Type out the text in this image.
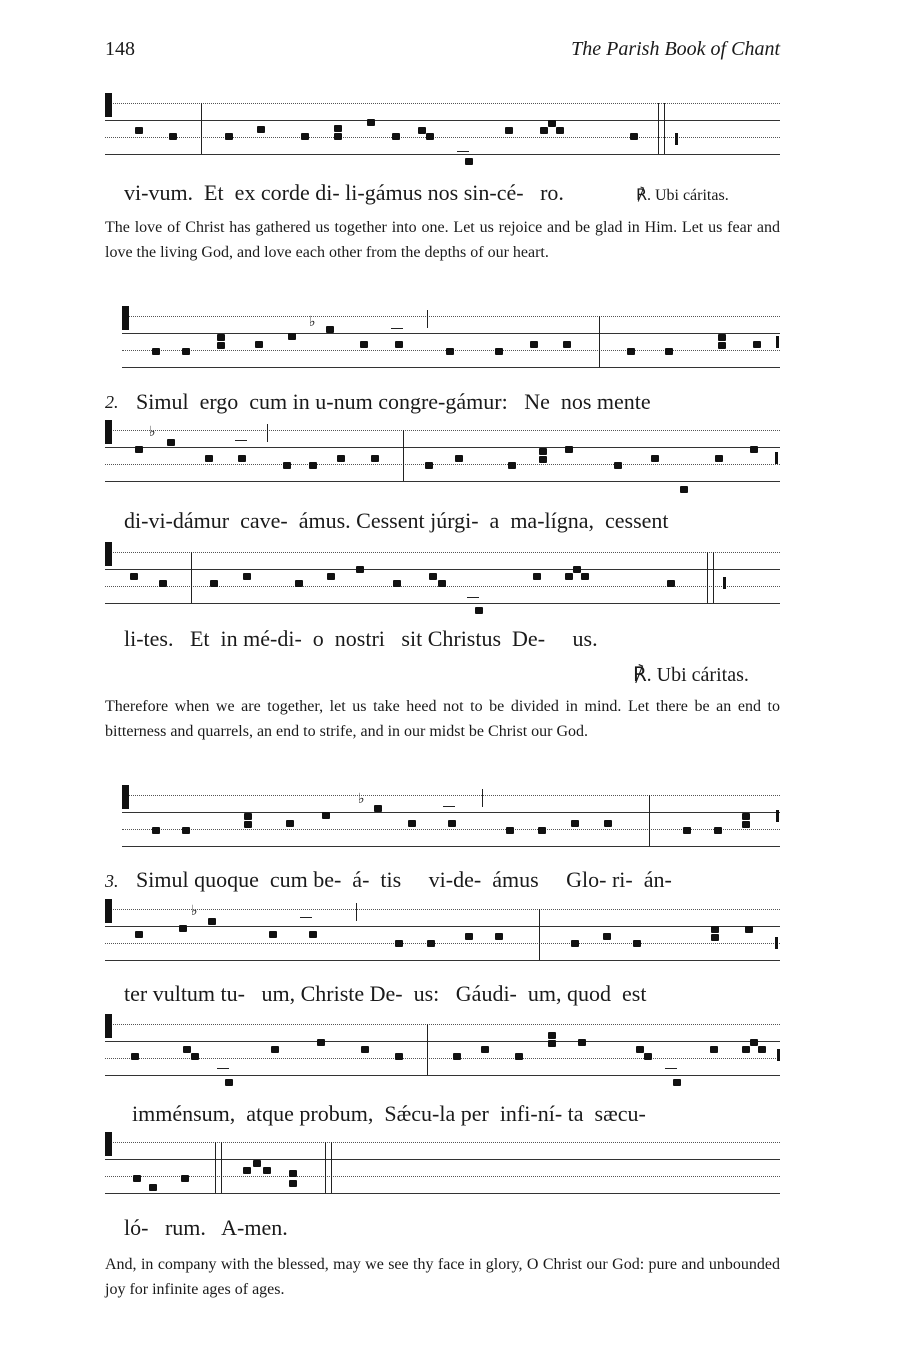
148	The Parish Book of Chant
vi-vum.  Et  ex corde di- li-gámus nos sin-cé-   ro.	℟. Ubi cáritas.
The love of Christ has gathered us together into one. Let us rejoice and be glad in Him. Let us fear and love the living God, and love each other from the depths of our heart.
♭
2. Simul  ergo  cum in u-num congre-gámur:   Ne  nos mente
♭
di-vi-dámur  cave-  ámus. Cessent júrgi-  a  ma-lígna,  cessent
li-tes.   Et  in mé-di-  o  nostri   sit Christus  De-     us.
℟. Ubi cáritas.
Therefore when we are together, let us take heed not to be divided in mind. Let there be an end to bitterness and quarrels, an end to strife, and in our midst be Christ our God.
♭
3. Simul quoque  cum be-  á-  tis     vi-de-  ámus     Glo- ri-  án-
♭
ter vultum tu-   um, Christe De-  us:   Gáudi-  um, quod  est
imménsum,  atque probum,  Sǽcu-la per  infi-ní- ta  sæcu-
ló-   rum.   A-men.
And, in company with the blessed, may we see thy face in glory, O Christ our God: pure and unbounded joy for infinite ages of ages.
